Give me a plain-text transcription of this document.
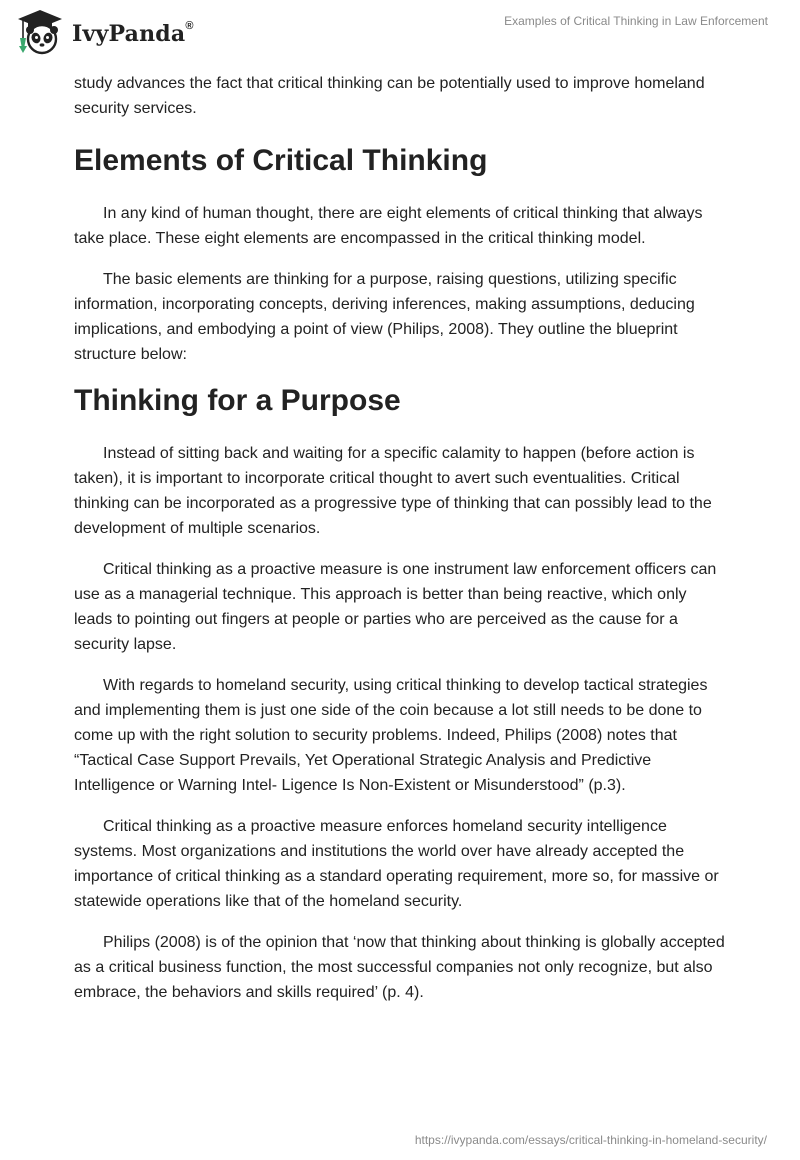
IvyPanda®	Examples of Critical Thinking in Law Enforcement

study advances the fact that critical thinking can be potentially used to improve homeland security services.

Elements of Critical Thinking

In any kind of human thought, there are eight elements of critical thinking that always take place. These eight elements are encompassed in the critical thinking model.

The basic elements are thinking for a purpose, raising questions, utilizing specific information, incorporating concepts, deriving inferences, making assumptions, deducing implications, and embodying a point of view (Philips, 2008). They outline the blueprint structure below:

Thinking for a Purpose

Instead of sitting back and waiting for a specific calamity to happen (before action is taken), it is important to incorporate critical thought to avert such eventualities. Critical thinking can be incorporated as a progressive type of thinking that can possibly lead to the development of multiple scenarios.

Critical thinking as a proactive measure is one instrument law enforcement officers can use as a managerial technique. This approach is better than being reactive, which only leads to pointing out fingers at people or parties who are perceived as the cause for a security lapse.

With regards to homeland security, using critical thinking to develop tactical strategies and implementing them is just one side of the coin because a lot still needs to be done to come up with the right solution to security problems. Indeed, Philips (2008) notes that “Tactical Case Support Prevails, Yet Operational Strategic Analysis and Predictive Intelligence or Warning Intel- Ligence Is Non-Existent or Misunderstood” (p.3).

Critical thinking as a proactive measure enforces homeland security intelligence systems. Most organizations and institutions the world over have already accepted the importance of critical thinking as a standard operating requirement, more so, for massive or statewide operations like that of the homeland security.

Philips (2008) is of the opinion that ‘now that thinking about thinking is globally accepted as a critical business function, the most successful companies not only recognize, but also embrace, the behaviors and skills required’ (p. 4).

https://ivypanda.com/essays/critical-thinking-in-homeland-security/
